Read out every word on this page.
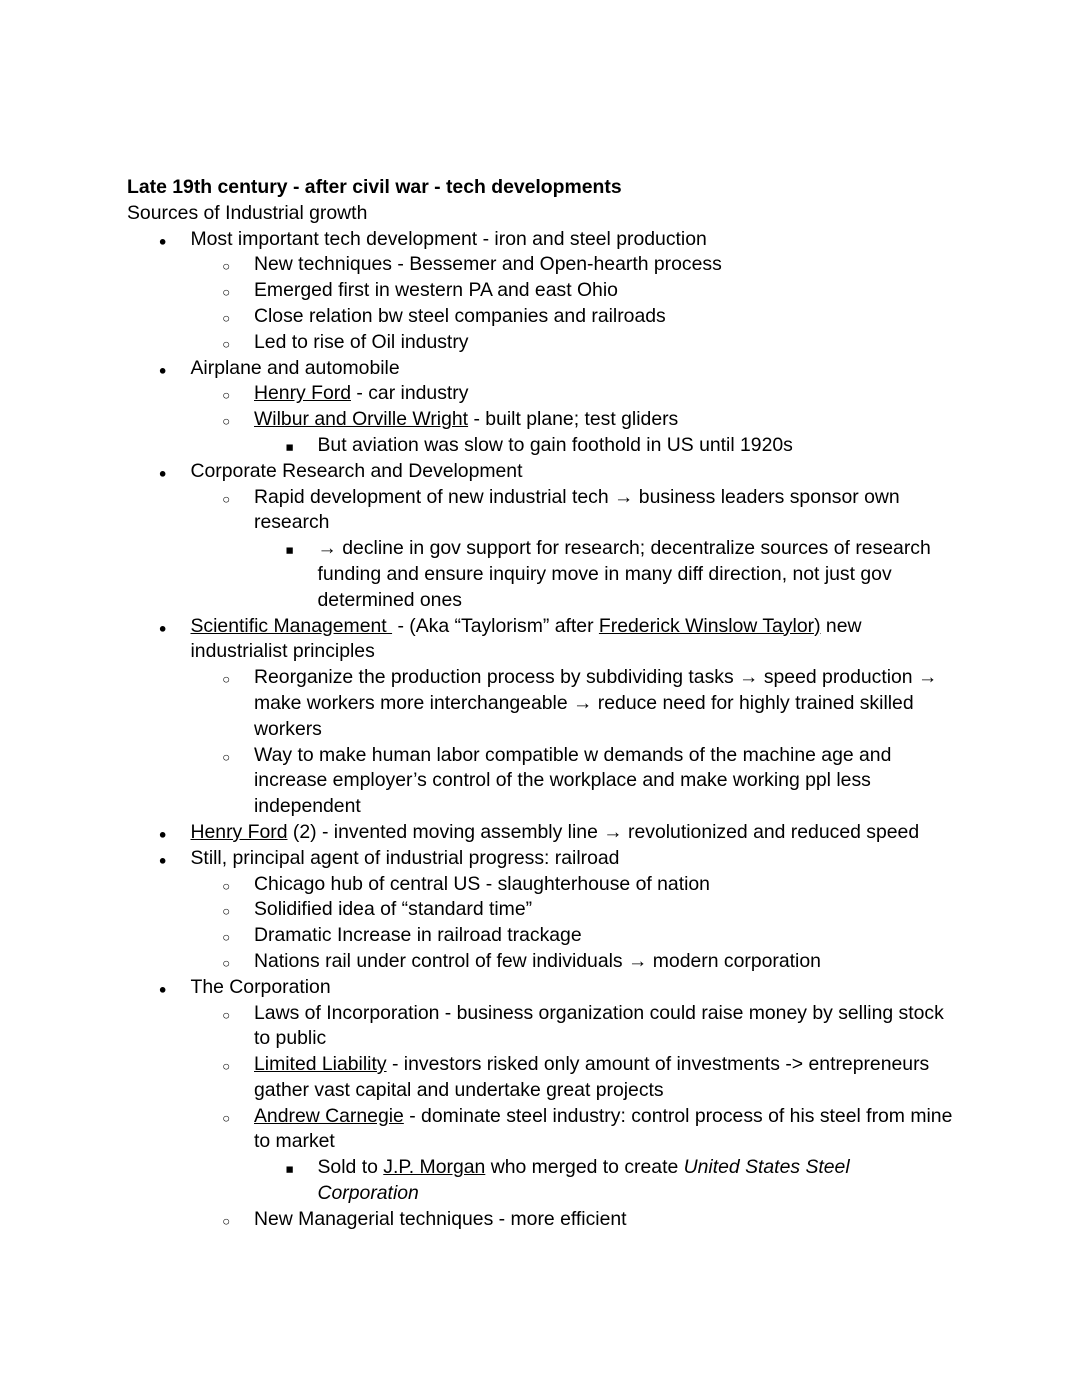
Late 19th century - after civil war - tech developments
Sources of Industrial growth
●	Most important tech development - iron and steel production
○	New techniques - Bessemer and Open-hearth process
○	Emerged first in western PA and east Ohio
○	Close relation bw steel companies and railroads
○	Led to rise of Oil industry
●	Airplane and automobile
○	Henry Ford - car industry
○	Wilbur and Orville Wright - built plane; test gliders
■	But aviation was slow to gain foothold in US until 1920s
●	Corporate Research and Development
○	Rapid development of new industrial tech → business leaders sponsor own research
■	→ decline in gov support for research; decentralize sources of research funding and ensure inquiry move in many diff direction, not just gov determined ones
●	Scientific Management  - (Aka “Taylorism” after Frederick Winslow Taylor) new industrialist principles
○	Reorganize the production process by subdividing tasks → speed production → make workers more interchangeable → reduce need for highly trained skilled workers
○	Way to make human labor compatible w demands of the machine age and increase employer’s control of the workplace and make working ppl less independent
●	Henry Ford (2) - invented moving assembly line → revolutionized and reduced speed
●	Still, principal agent of industrial progress: railroad
○	Chicago hub of central US - slaughterhouse of nation
○	Solidified idea of “standard time”
○	Dramatic Increase in railroad trackage
○	Nations rail under control of few individuals → modern corporation
●	The Corporation
○	Laws of Incorporation - business organization could raise money by selling stock to public
○	Limited Liability - investors risked only amount of investments -> entrepreneurs gather vast capital and undertake great projects
○	Andrew Carnegie - dominate steel industry: control process of his steel from mine to market
■	Sold to J.P. Morgan who merged to create United States Steel Corporation
○	New Managerial techniques - more efficient
